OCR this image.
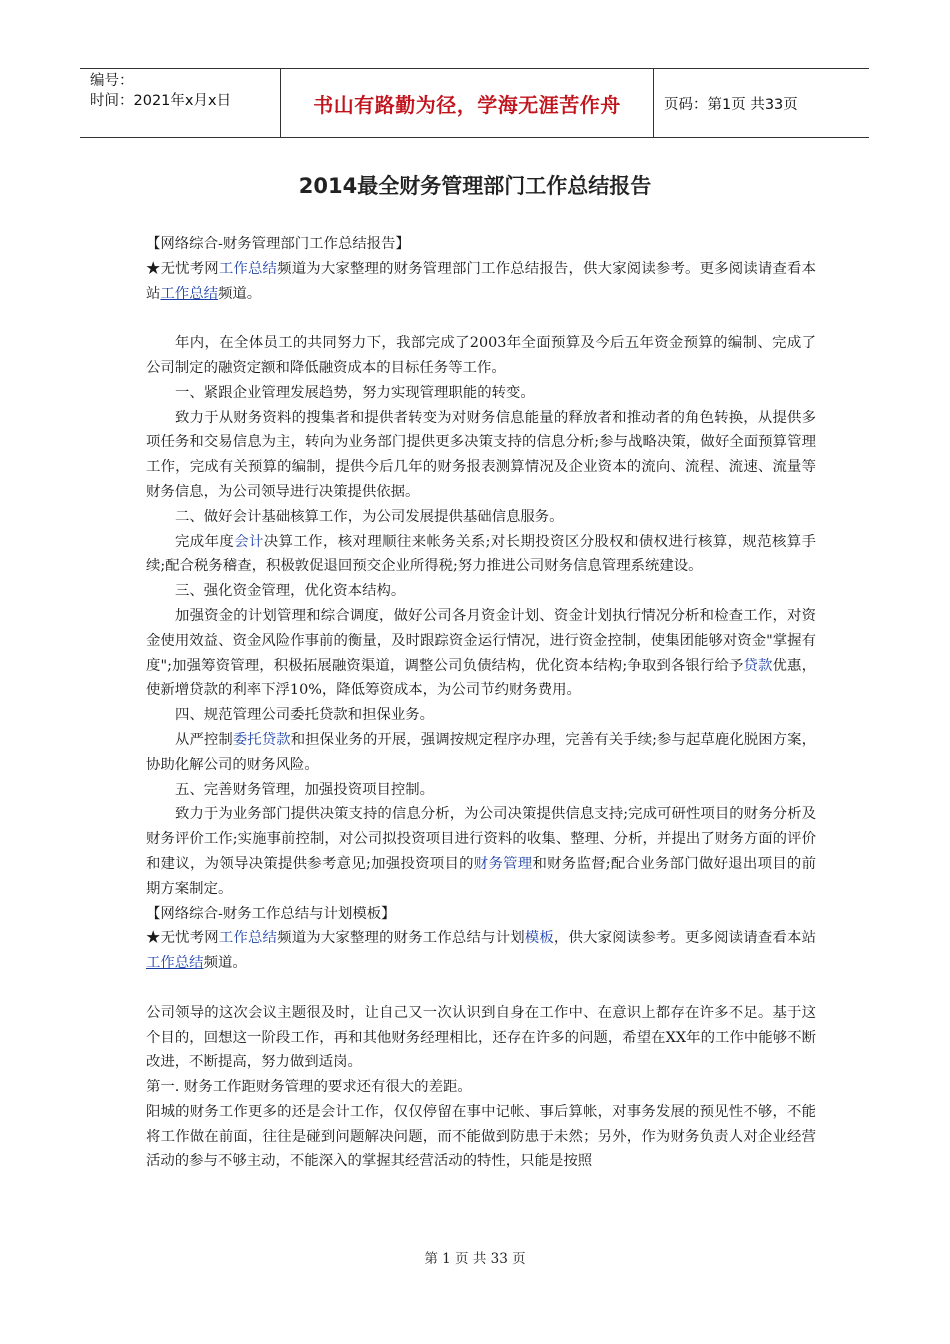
编号：
时间：2021年x月x日	书山有路勤为径，学海无涯苦作舟	页码：第1页 共33页
2014最全财务管理部门工作总结报告

【网络综合-财务管理部门工作总结报告】

★无忧考网工作总结频道为大家整理的财务管理部门工作总结报告，供大家阅读参考。更多阅读请查看本站工作总结频道。

年内，在全体员工的共同努力下，我部完成了2003年全面预算及今后五年资金预算的编制、完成了公司制定的融资定额和降低融资成本的目标任务等工作。

一、紧跟企业管理发展趋势，努力实现管理职能的转变。

致力于从财务资料的搜集者和提供者转变为对财务信息能量的释放者和推动者的角色转换，从提供多项任务和交易信息为主，转向为业务部门提供更多决策支持的信息分析;参与战略决策，做好全面预算管理工作，完成有关预算的编制，提供今后几年的财务报表测算情况及企业资本的流向、流程、流速、流量等财务信息，为公司领导进行决策提供依据。

二、做好会计基础核算工作，为公司发展提供基础信息服务。

完成年度会计决算工作，核对理顺往来帐务关系;对长期投资区分股权和债权进行核算，规范核算手续;配合税务稽查，积极敦促退回预交企业所得税;努力推进公司财务信息管理系统建设。

三、强化资金管理，优化资本结构。

加强资金的计划管理和综合调度，做好公司各月资金计划、资金计划执行情况分析和检查工作，对资金使用效益、资金风险作事前的衡量，及时跟踪资金运行情况，进行资金控制，使集团能够对资金"掌握有度";加强筹资管理，积极拓展融资渠道，调整公司负债结构，优化资本结构;争取到各银行给予贷款优惠，使新增贷款的利率下浮10%，降低筹资成本，为公司节约财务费用。

四、规范管理公司委托贷款和担保业务。

从严控制委托贷款和担保业务的开展，强调按规定程序办理，完善有关手续;参与起草鹿化脱困方案，协助化解公司的财务风险。

五、完善财务管理，加强投资项目控制。

致力于为业务部门提供决策支持的信息分析，为公司决策提供信息支持;完成可研性项目的财务分析及财务评价工作;实施事前控制，对公司拟投资项目进行资料的收集、整理、分析，并提出了财务方面的评价和建议，为领导决策提供参考意见;加强投资项目的财务管理和财务监督;配合业务部门做好退出项目的前期方案制定。

【网络综合-财务工作总结与计划模板】

★无忧考网工作总结频道为大家整理的财务工作总结与计划模板，供大家阅读参考。更多阅读请查看本站工作总结频道。

公司领导的这次会议主题很及时，让自己又一次认识到自身在工作中、在意识上都存在许多不足。基于这个目的，回想这一阶段工作，再和其他财务经理相比，还存在许多的问题，希望在XX年的工作中能够不断改进，不断提高，努力做到适岗。

第一. 财务工作距财务管理的要求还有很大的差距。

阳城的财务工作更多的还是会计工作，仅仅停留在事中记帐、事后算帐，对事务发展的预见性不够，不能将工作做在前面，往往是碰到问题解决问题，而不能做到防患于未然；另外，作为财务负责人对企业经营活动的参与不够主动，不能深入的掌握其经营活动的特性，只能是按照

第 1 页 共 33 页
